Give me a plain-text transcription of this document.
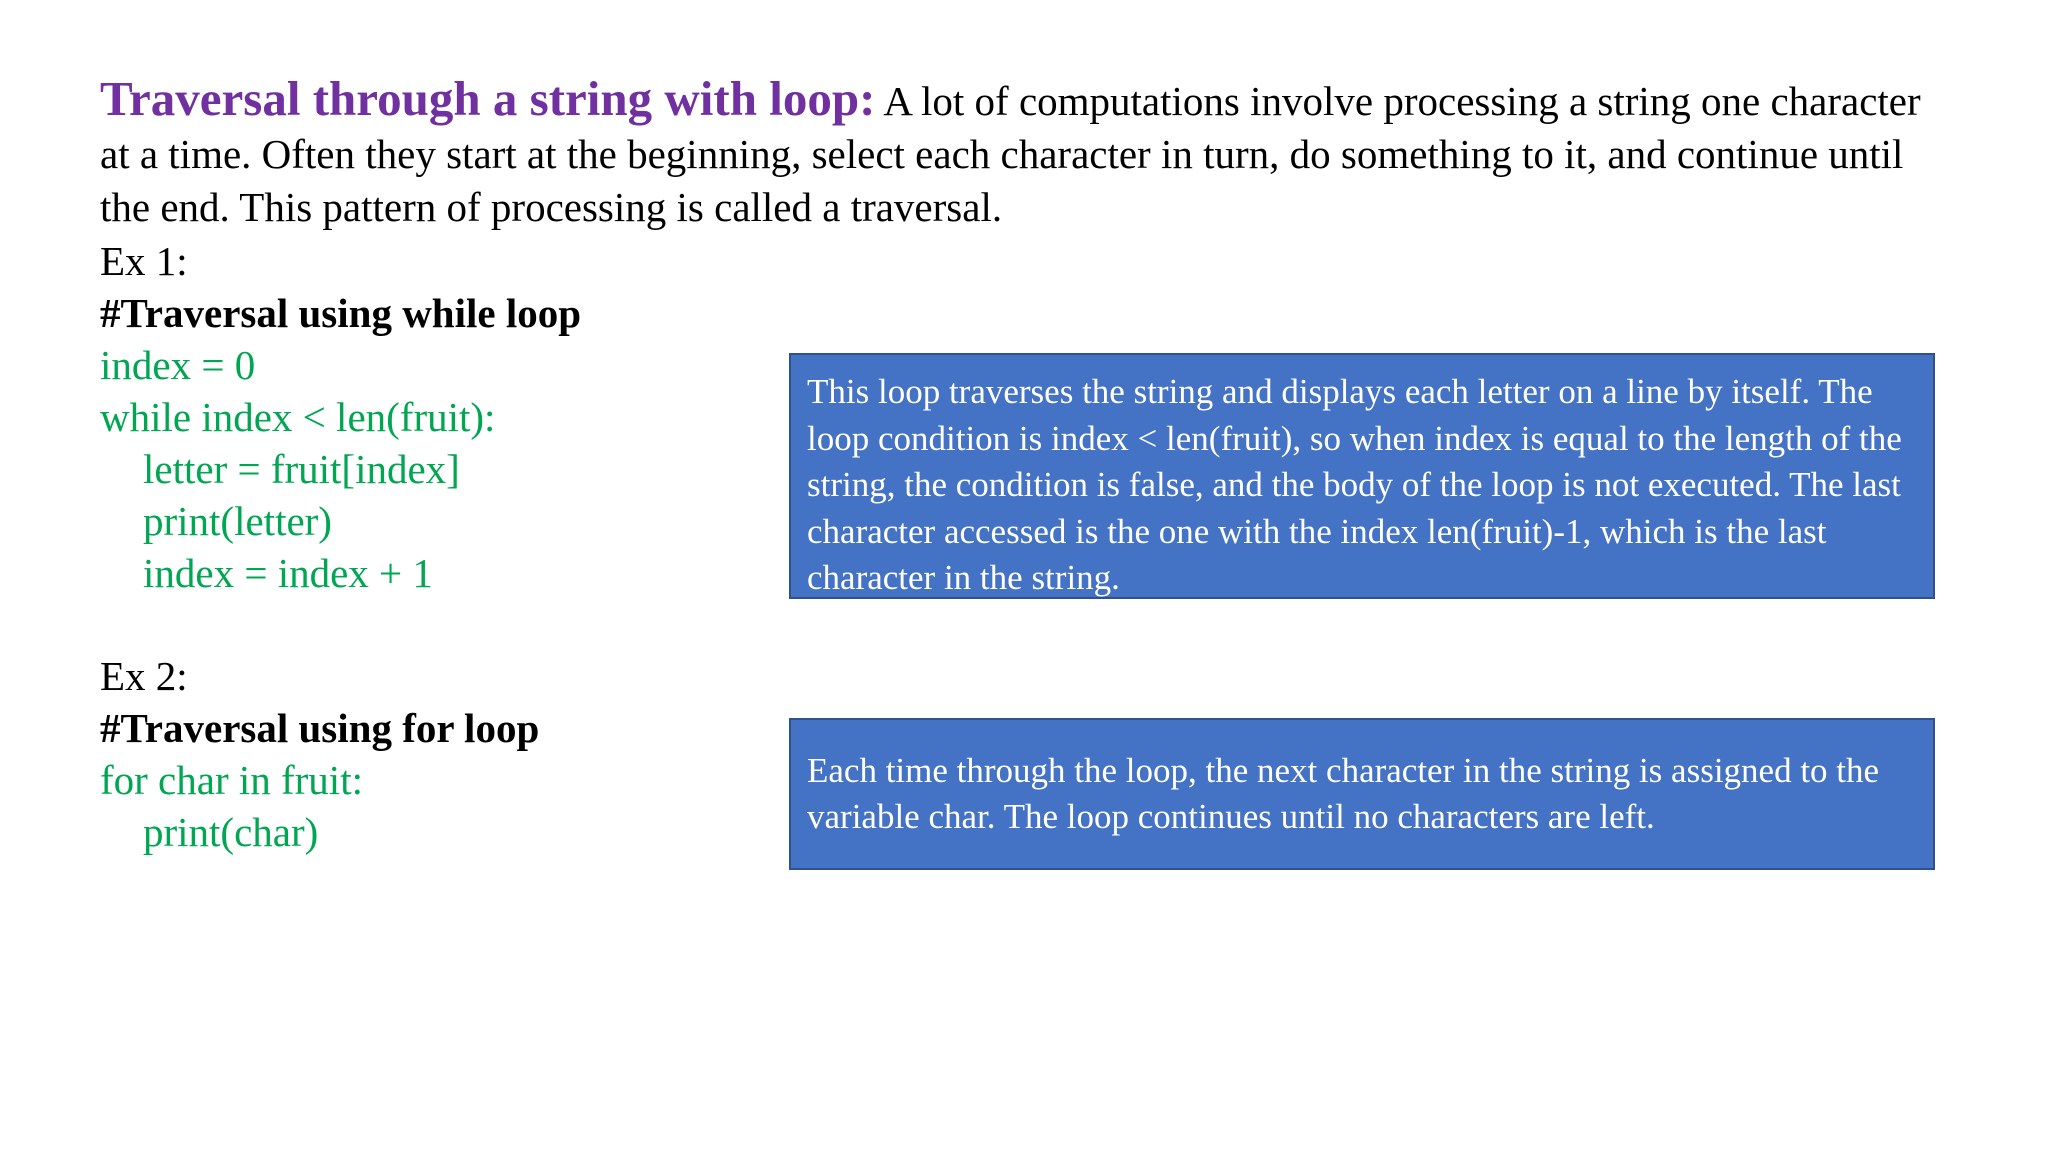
Traversal through a string with loop: A lot of computations involve processing a string one character at a time. Often they start at the beginning, select each character in turn, do something to it, and continue until the end. This pattern of processing is called a traversal.

Ex 1:
#Traversal using while loop
index = 0
while index < len(fruit):
letter = fruit[index]
print(letter)
index = index + 1
Ex 2:
#Traversal using for loop
for char in fruit:
print(char)
This loop traverses the string and displays each letter on a line by itself. The loop condition is index < len(fruit), so when index is equal to the length of the string, the condition is false, and the body of the loop is not executed. The last character accessed is the one with the index len(fruit)-1, which is the last character in the string.
Each time through the loop, the next character in the string is assigned to the variable char. The loop continues until no characters are left.
